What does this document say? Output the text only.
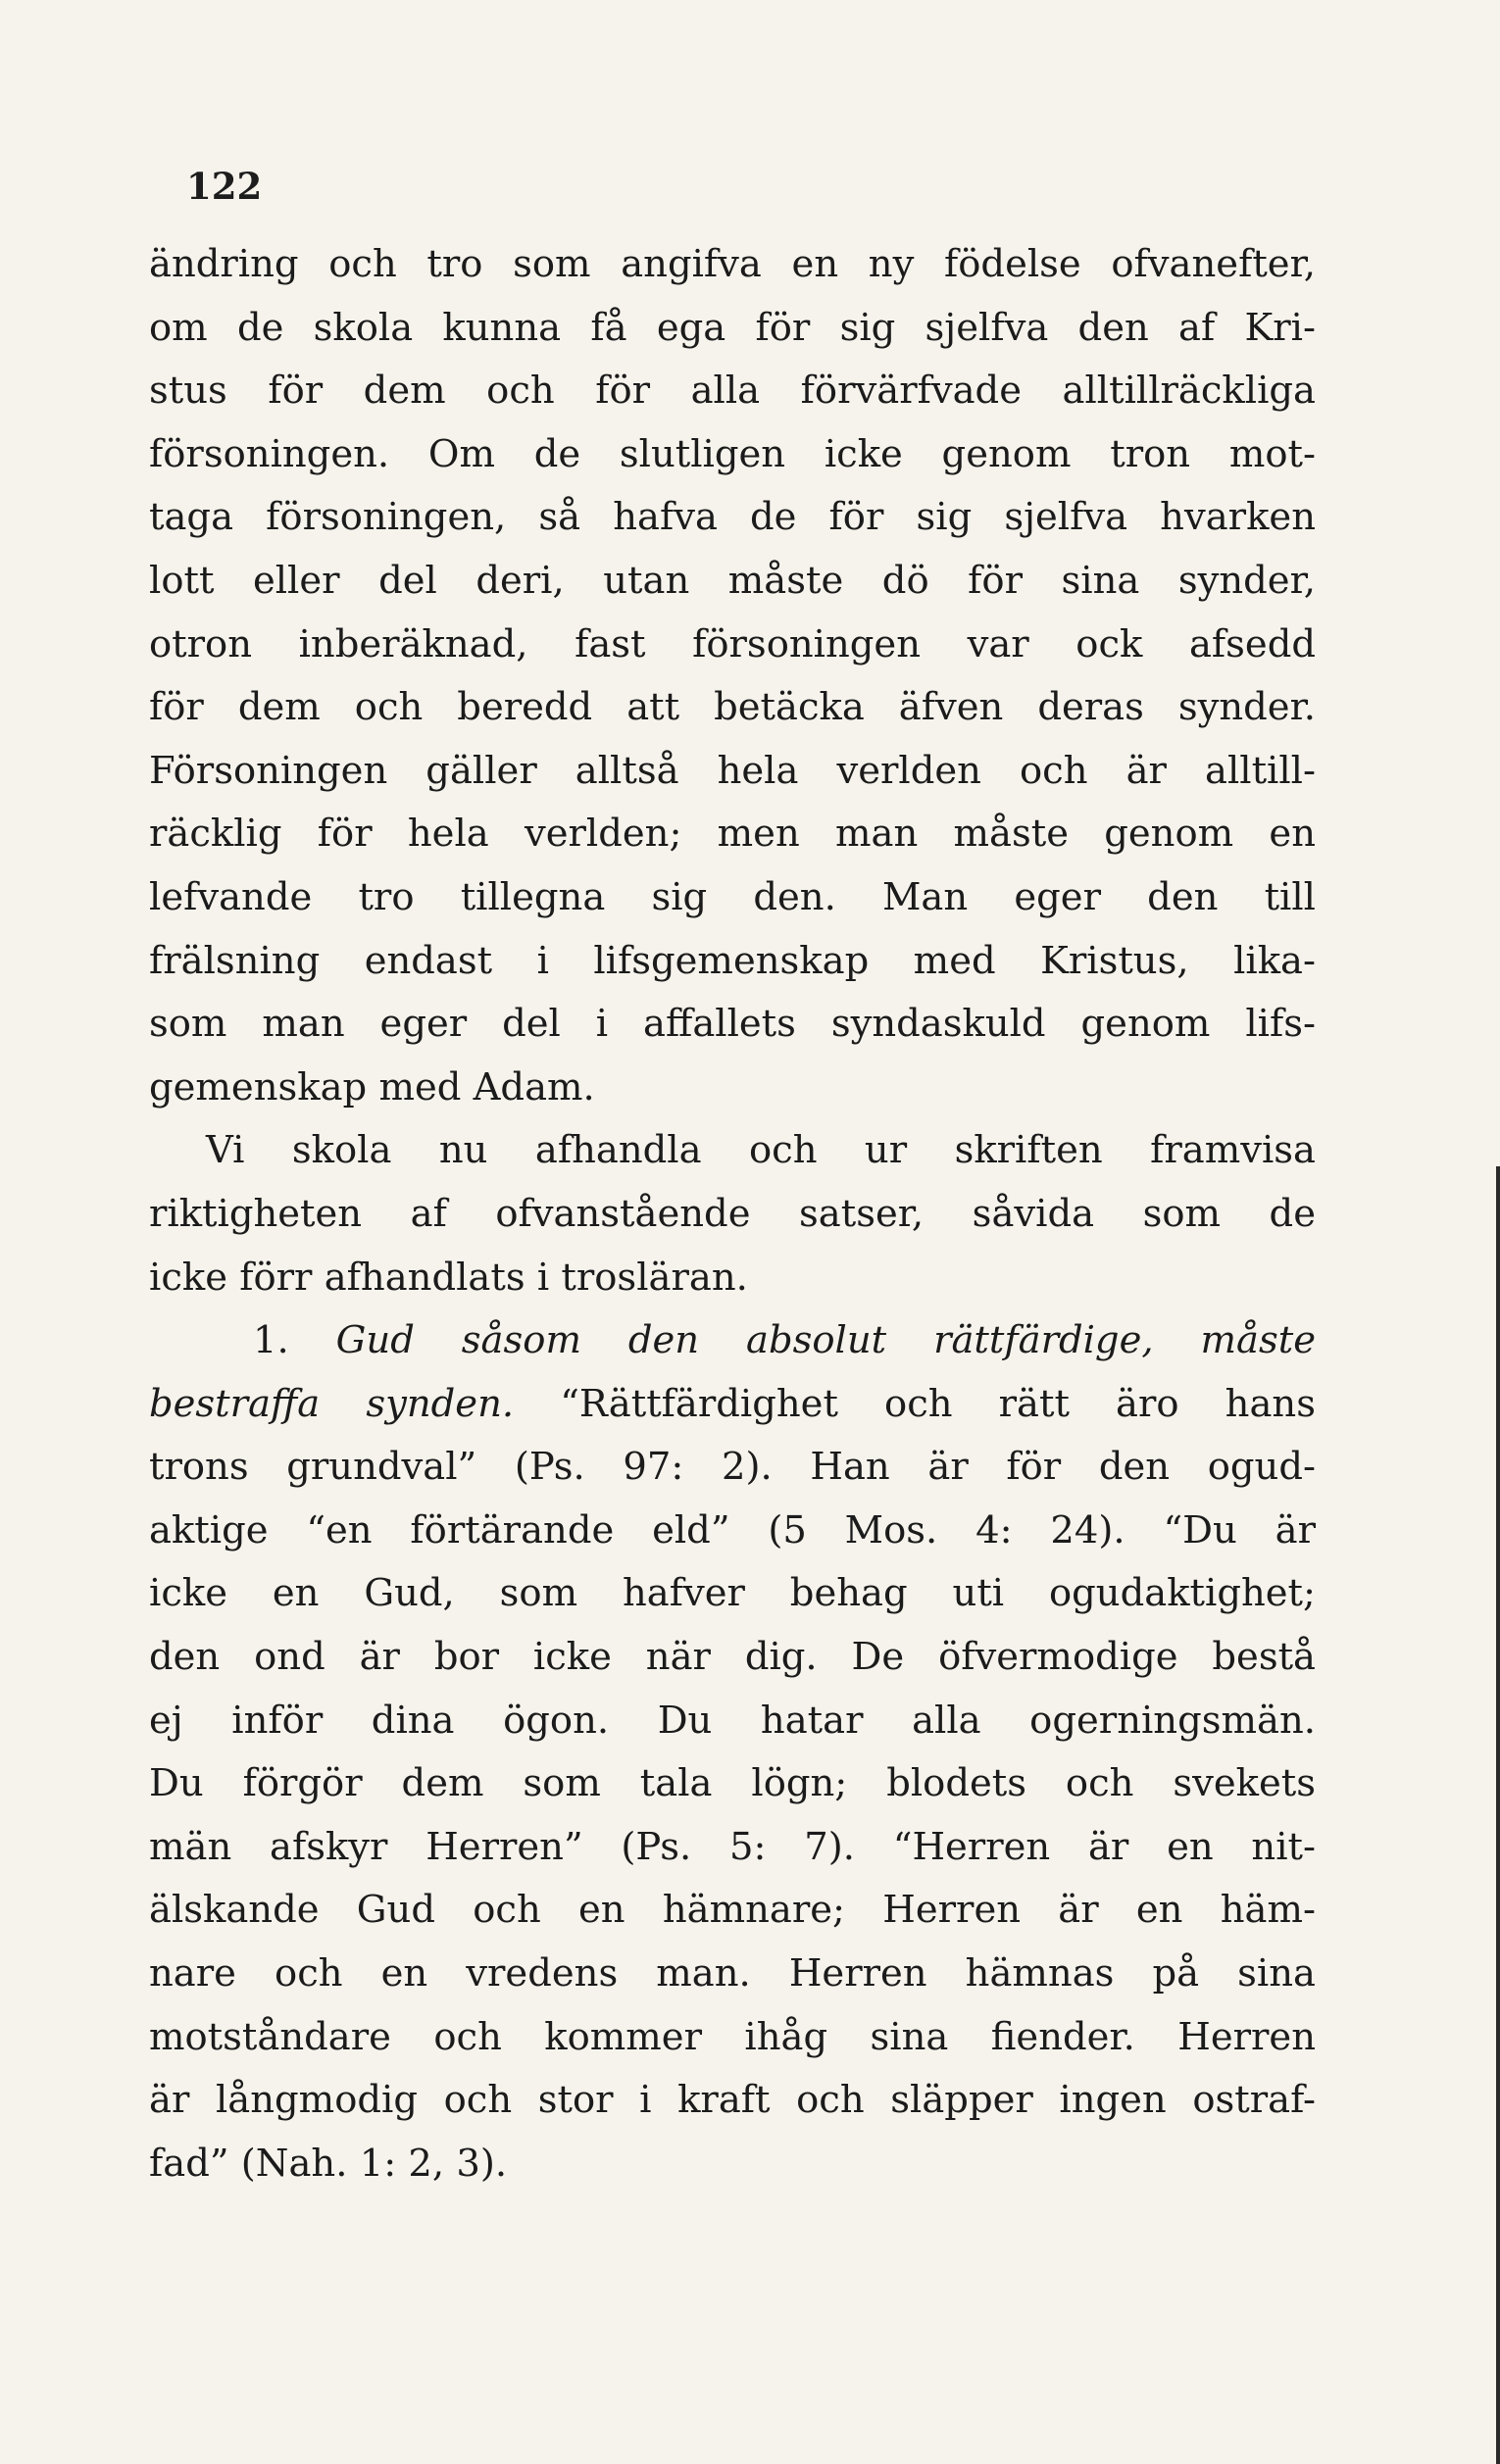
122

ändring och tro som angifva en ny födelse ofvanefter,
om de skola kunna få ega för sig sjelfva den af Kri-
stus för dem och för alla förvärfvade alltillräckliga
försoningen. Om de slutligen icke genom tron mot-
taga försoningen, så hafva de för sig sjelfva hvarken
lott eller del deri, utan måste dö för sina synder,
otron inberäknad, fast försoningen var ock afsedd
för dem och beredd att betäcka äfven deras synder.
Försoningen gäller alltså hela verlden och är alltill-
räcklig för hela verlden; men man måste genom en
lefvande tro tillegna sig den. Man eger den till
frälsning endast i lifsgemenskap med Kristus, lika-
som man eger del i affallets syndaskuld genom lifs-
gemenskap med Adam.
Vi skola nu afhandla och ur skriften framvisa
riktigheten af ofvanstående satser, såvida som de
icke förr afhandlats i trosläran.
1. Gud såsom den absolut rättfärdige, måste
bestraffa synden. “Rättfärdighet och rätt äro hans
trons grundval” (Ps. 97: 2). Han är för den ogud-
aktige “en förtärande eld” (5 Mos. 4: 24). “Du är
icke en Gud, som hafver behag uti ogudaktighet;
den ond är bor icke när dig. De öfvermodige bestå
ej inför dina ögon. Du hatar alla ogerningsmän.
Du förgör dem som tala lögn; blodets och svekets
män afskyr Herren” (Ps. 5: 7). “Herren är en nit-
älskande Gud och en hämnare; Herren är en häm-
nare och en vredens man. Herren hämnas på sina
motståndare och kommer ihåg sina fiender. Herren
är långmodig och stor i kraft och släpper ingen ostraf-
fad” (Nah. 1: 2, 3).
